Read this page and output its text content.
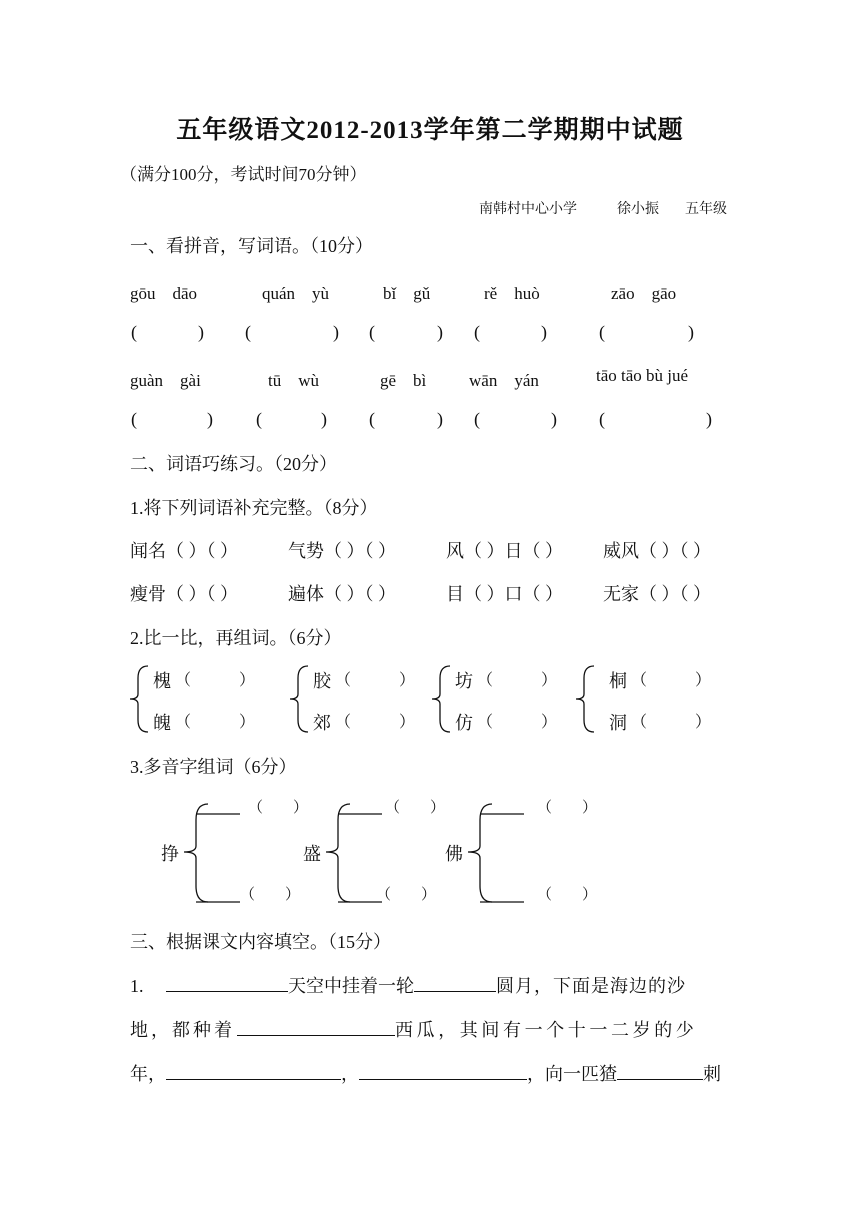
五年级语文2012-2013学年第二学期期中试题
（满分100分，考试时间70分钟）
南韩村中心小学	徐小振 五年级
一、看拼音，写词语。（10分）
gōu　dāo	quán　yù	bǐ　gǔ	rě　huò	zāo　gāo
(	) (	) (	) (	)	(	)
guàn　gài	tū　wù	gē　bì	wān　yán	tāo tāo bù jué
(	) (	) (	) (	) (	)
二、词语巧练习。（20分）
1.将下列词语补充完整。（8分）
闻名（ ）（ ）	气势（ ）（ ）	风（ ）日（ ） 威风（ ）（ ）
瘦骨（ ）（ ）	遍体（ ）（ ）	目（ ）口（ ） 无家（ ）（ ）
2.比一比，再组词。（6分）
槐 （　　　）
魄 （　　　）
胶 （　　　）
郊 （　　　）
坊 （　　　）
仿 （　　　）
桐 （　　　）
洞 （　　　）
3.多音字组词（6分）
挣
（　　）
（　　）
盛
（　　）
（　　）
佛
（　　）
（　　）
三、根据课文内容填空。（15分）
1.	天空中挂着一轮	圆月，下面是海边的沙
地，都种着	西瓜，其间有一个十一二岁的少
年，	，	，向一匹猹	刺
